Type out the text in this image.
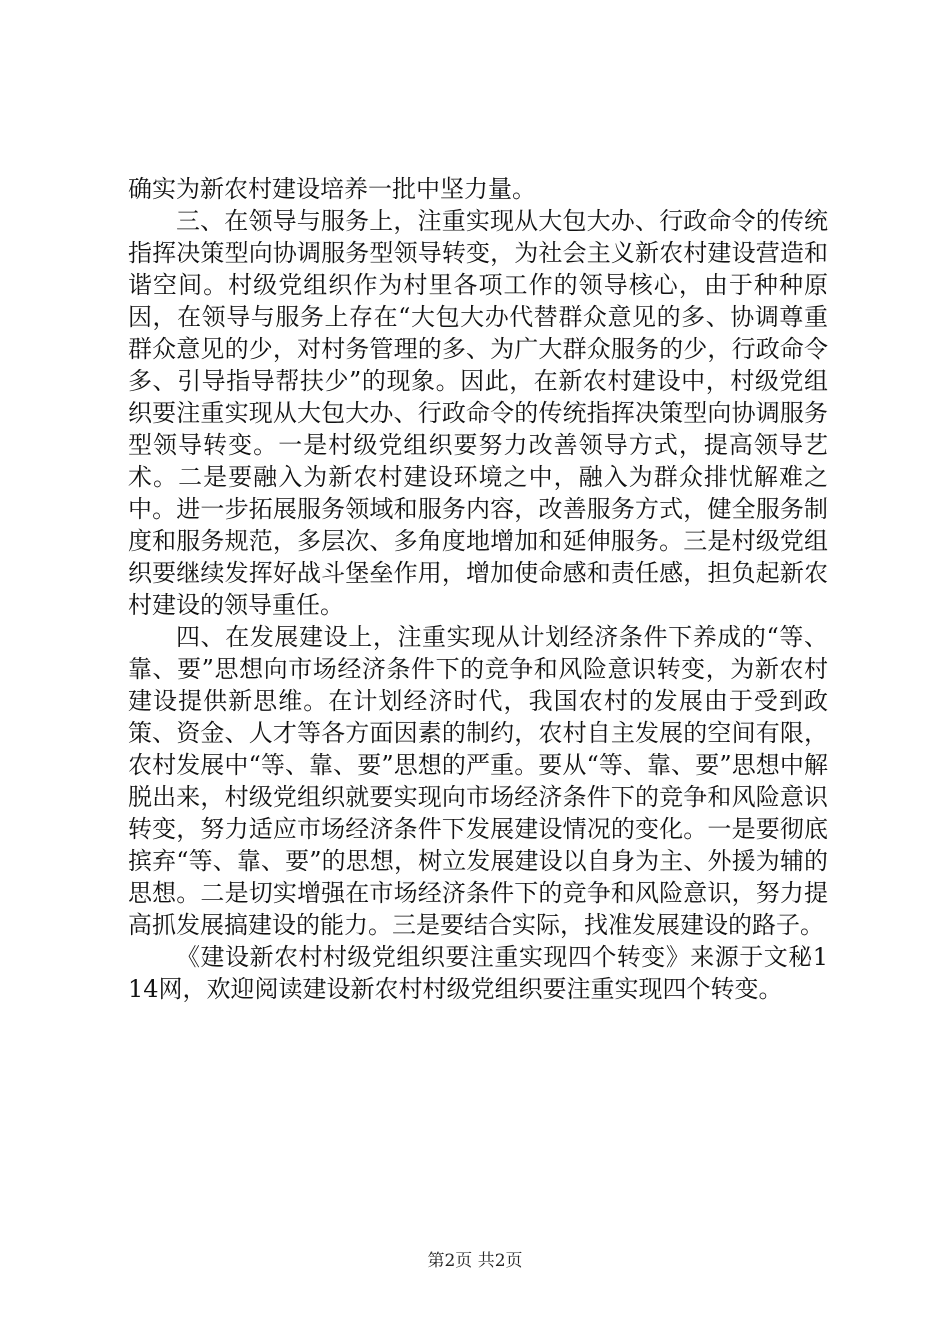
确实为新农村建设培养一批中坚力量。

三、在领导与服务上，注重实现从大包大办、行政命令的传统指挥决策型向协调服务型领导转变，为社会主义新农村建设营造和谐空间。村级党组织作为村里各项工作的领导核心，由于种种原因，在领导与服务上存在“大包大办代替群众意见的多、协调尊重群众意见的少，对村务管理的多、为广大群众服务的少，行政命令多、引导指导帮扶少”的现象。因此，在新农村建设中，村级党组织要注重实现从大包大办、行政命令的传统指挥决策型向协调服务型领导转变。一是村级党组织要努力改善领导方式，提高领导艺术。二是要融入为新农村建设环境之中，融入为群众排忧解难之中。进一步拓展服务领域和服务内容，改善服务方式，健全服务制度和服务规范，多层次、多角度地增加和延伸服务。三是村级党组织要继续发挥好战斗堡垒作用，增加使命感和责任感，担负起新农村建设的领导重任。

四、在发展建设上，注重实现从计划经济条件下养成的“等、靠、要”思想向市场经济条件下的竞争和风险意识转变，为新农村建设提供新思维。在计划经济时代，我国农村的发展由于受到政策、资金、人才等各方面因素的制约，农村自主发展的空间有限，农村发展中“等、靠、要”思想的严重。要从“等、靠、要”思想中解脱出来，村级党组织就要实现向市场经济条件下的竞争和风险意识转变，努力适应市场经济条件下发展建设情况的变化。一是要彻底摈弃“等、靠、要”的思想，树立发展建设以自身为主、外援为辅的思想。二是切实增强在市场经济条件下的竞争和风险意识，努力提高抓发展搞建设的能力。三是要结合实际，找准发展建设的路子。

《建设新农村村级党组织要注重实现四个转变》来源于文秘114网，欢迎阅读建设新农村村级党组织要注重实现四个转变。

第2页 共2页
